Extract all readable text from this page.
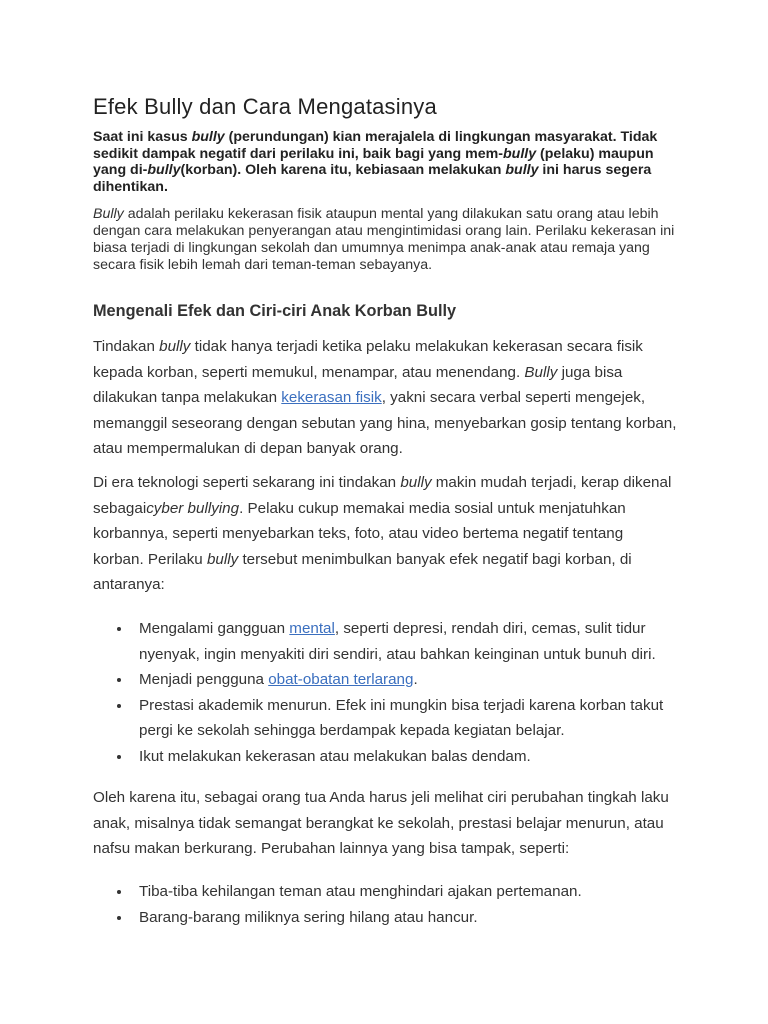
Efek Bully dan Cara Mengatasinya

Saat ini kasus bully (perundungan) kian merajalela di lingkungan masyarakat. Tidak sedikit dampak negatif dari perilaku ini, baik bagi yang mem-bully (pelaku) maupun yang di-bully(korban). Oleh karena itu, kebiasaan melakukan bully ini harus segera dihentikan.

Bully adalah perilaku kekerasan fisik ataupun mental yang dilakukan satu orang atau lebih dengan cara melakukan penyerangan atau mengintimidasi orang lain. Perilaku kekerasan ini biasa terjadi di lingkungan sekolah dan umumnya menimpa anak-anak atau remaja yang secara fisik lebih lemah dari teman-teman sebayanya.

Mengenali Efek dan Ciri-ciri Anak Korban Bully

Tindakan bully tidak hanya terjadi ketika pelaku melakukan kekerasan secara fisik kepada korban, seperti memukul, menampar, atau menendang. Bully juga bisa dilakukan tanpa melakukan kekerasan fisik, yakni secara verbal seperti mengejek, memanggil seseorang dengan sebutan yang hina, menyebarkan gosip tentang korban, atau mempermalukan di depan banyak orang.

Di era teknologi seperti sekarang ini tindakan bully makin mudah terjadi, kerap dikenal sebagaicyber bullying. Pelaku cukup memakai media sosial untuk menjatuhkan korbannya, seperti menyebarkan teks, foto, atau video bertema negatif tentang korban. Perilaku bully tersebut menimbulkan banyak efek negatif bagi korban, di antaranya:

Mengalami gangguan mental, seperti depresi, rendah diri, cemas, sulit tidur nyenyak, ingin menyakiti diri sendiri, atau bahkan keinginan untuk bunuh diri.
Menjadi pengguna obat-obatan terlarang.
Prestasi akademik menurun. Efek ini mungkin bisa terjadi karena korban takut pergi ke sekolah sehingga berdampak kepada kegiatan belajar.
Ikut melakukan kekerasan atau melakukan balas dendam.

Oleh karena itu, sebagai orang tua Anda harus jeli melihat ciri perubahan tingkah laku anak, misalnya tidak semangat berangkat ke sekolah, prestasi belajar menurun, atau nafsu makan berkurang. Perubahan lainnya yang bisa tampak, seperti:

Tiba-tiba kehilangan teman atau menghindari ajakan pertemanan.
Barang-barang miliknya sering hilang atau hancur.
